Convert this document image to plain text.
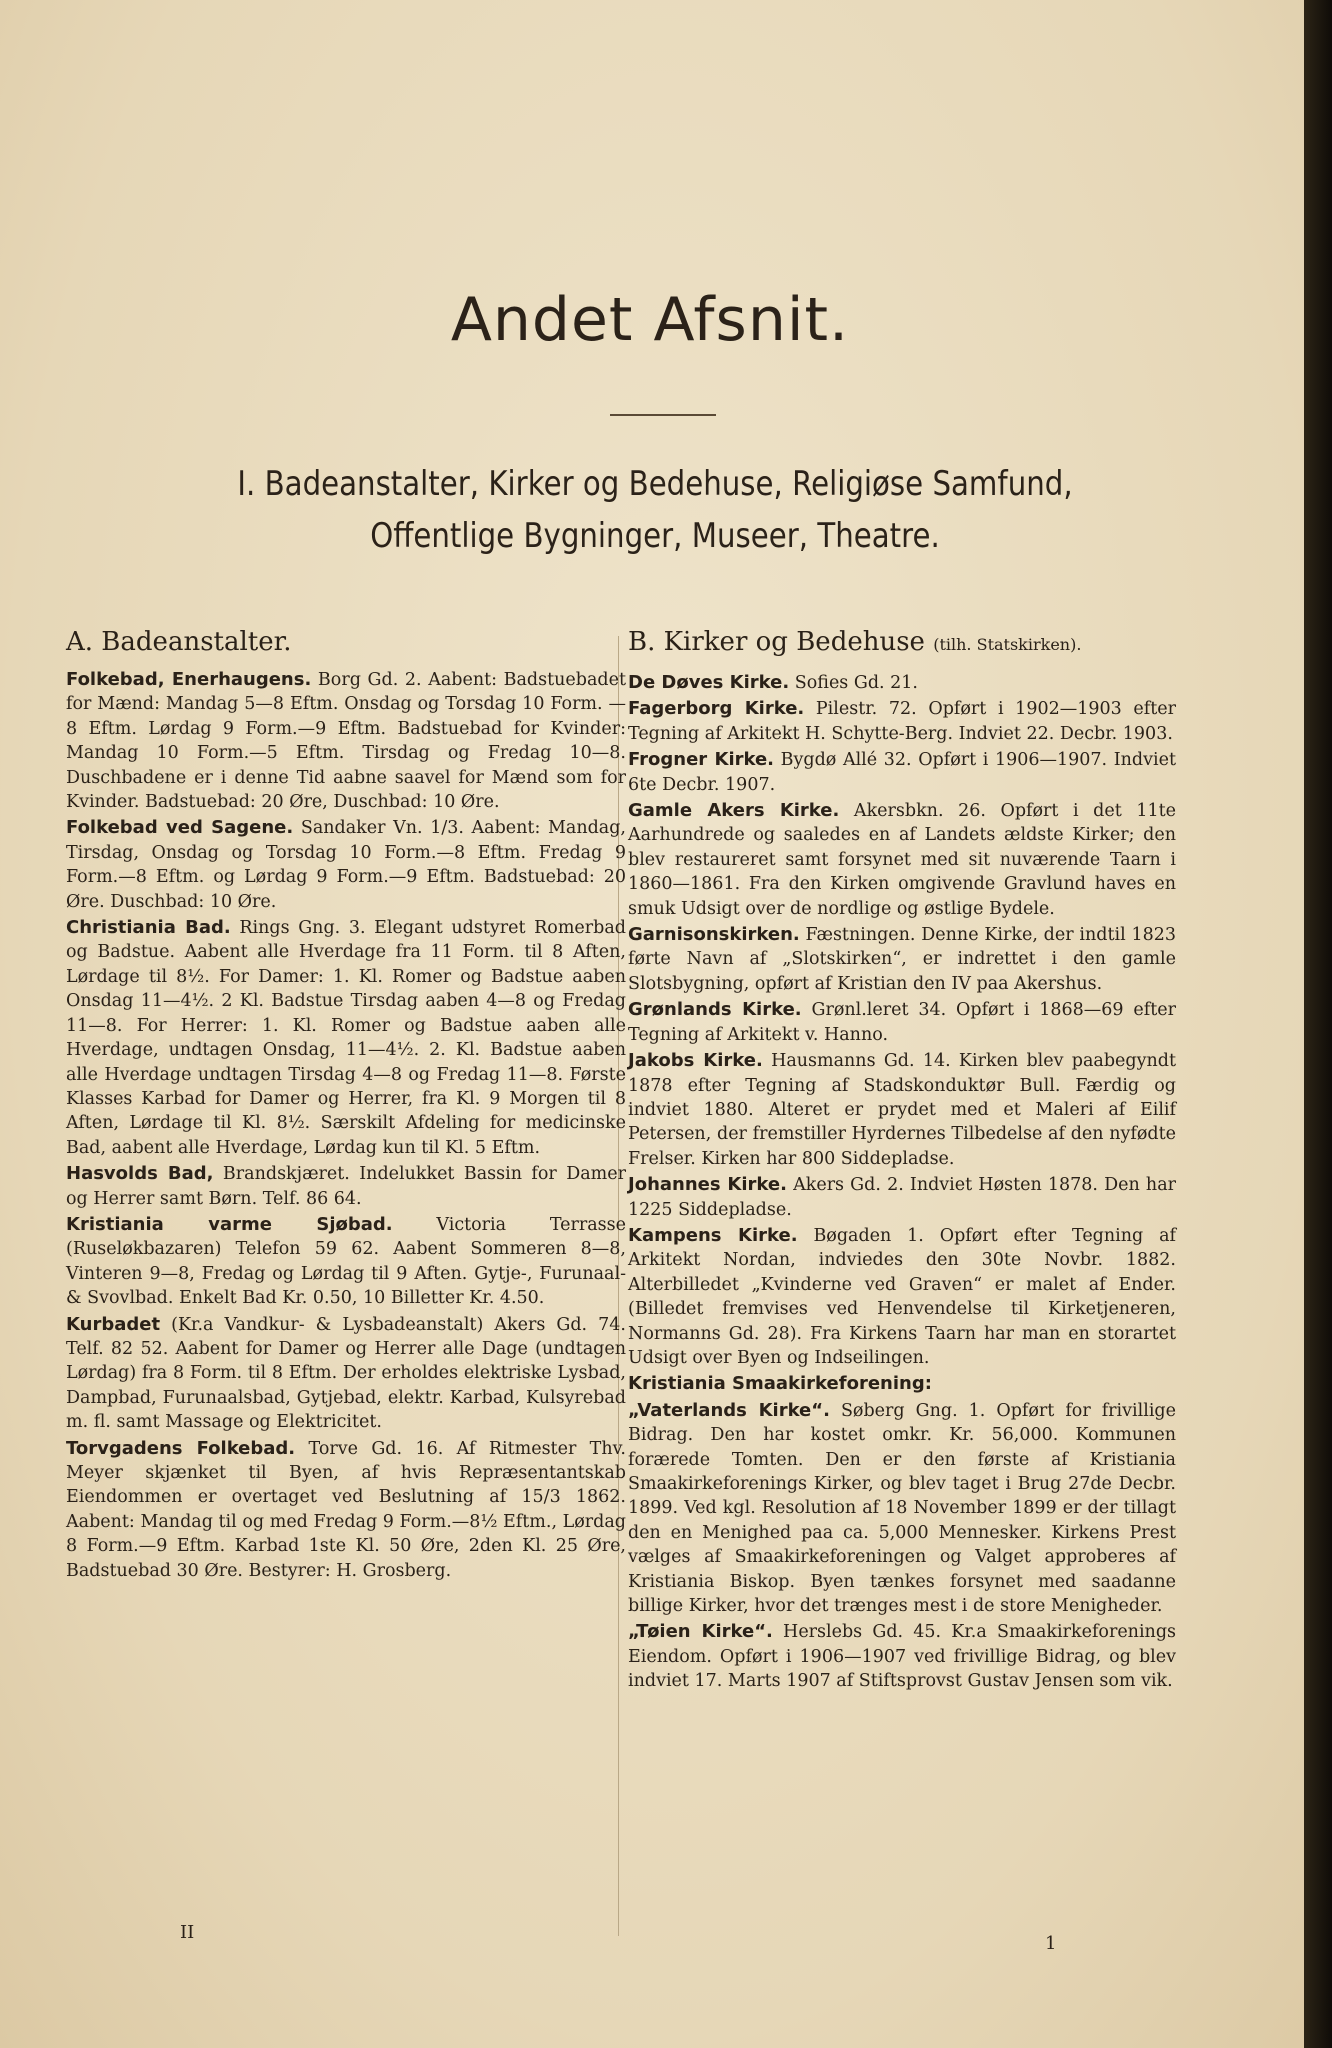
Andet Afsnit.
I. Badeanstalter, Kirker og Bedehuse, Religiøse Samfund,
Offentlige Bygninger, Museer, Theatre.
A. Badeanstalter.

Folkebad, Enerhaugens. Borg Gd. 2. Aabent: Badstuebadet for Mænd: Mandag 5—8 Eftm. Onsdag og Torsdag 10 Form. —8 Eftm. Lørdag 9 Form.—9 Eftm. Badstuebad for Kvinder: Mandag 10 Form.—5 Eftm. Tirsdag og Fredag 10—8. Duschbadene er i denne Tid aabne saavel for Mænd som for Kvinder. Badstuebad: 20 Øre, Duschbad: 10 Øre.

Folkebad ved Sagene. Sandaker Vn. 1/3. Aabent: Mandag, Tirsdag, Onsdag og Torsdag 10 Form.—8 Eftm. Fredag 9 Form.—8 Eftm. og Lørdag 9 Form.—9 Eftm. Badstuebad: 20 Øre. Duschbad: 10 Øre.

Christiania Bad. Rings Gng. 3. Elegant udstyret Romerbad og Badstue. Aabent alle Hverdage fra 11 Form. til 8 Aften, Lørdage til 8½. For Damer: 1. Kl. Romer og Badstue aaben Onsdag 11—4½. 2 Kl. Badstue Tirsdag aaben 4—8 og Fredag 11—8. For Herrer: 1. Kl. Romer og Badstue aaben alle Hverdage, undtagen Onsdag, 11—4½. 2. Kl. Badstue aaben alle Hverdage undtagen Tirsdag 4—8 og Fredag 11—8. Første Klasses Karbad for Damer og Herrer, fra Kl. 9 Morgen til 8 Aften, Lørdage til Kl. 8½. Særskilt Afdeling for medicinske Bad, aabent alle Hverdage, Lørdag kun til Kl. 5 Eftm.

Hasvolds Bad, Brandskjæret. Indelukket Bassin for Damer og Herrer samt Børn. Telf. 86 64.

Kristiania varme Sjøbad. Victoria Terrasse (Ruseløkbazaren) Telefon 59 62. Aabent Sommeren 8—8, Vinteren 9—8, Fredag og Lørdag til 9 Aften. Gytje-, Furunaal- & Svovlbad. Enkelt Bad Kr. 0.50, 10 Billetter Kr. 4.50.

Kurbadet (Kr.a Vandkur- & Lysbadeanstalt) Akers Gd. 74. Telf. 82 52. Aabent for Damer og Herrer alle Dage (undtagen Lørdag) fra 8 Form. til 8 Eftm. Der erholdes elektriske Lysbad, Dampbad, Furunaalsbad, Gytjebad, elektr. Karbad, Kulsyrebad m. fl. samt Massage og Elektricitet.

Torvgadens Folkebad. Torve Gd. 16. Af Ritmester Thv. Meyer skjænket til Byen, af hvis Repræsentantskab Eiendommen er overtaget ved Beslutning af 15/3 1862. Aabent: Mandag til og med Fredag 9 Form.—8½ Eftm., Lørdag 8 Form.—9 Eftm. Karbad 1ste Kl. 50 Øre, 2den Kl. 25 Øre, Badstuebad 30 Øre. Bestyrer: H. Grosberg.

B. Kirker og Bedehuse (tilh. Statskirken).

De Døves Kirke. Sofies Gd. 21.

Fagerborg Kirke. Pilestr. 72. Opført i 1902—1903 efter Tegning af Arkitekt H. Schytte-Berg. Indviet 22. Decbr. 1903.

Frogner Kirke. Bygdø Allé 32. Opført i 1906—1907. Indviet 6te Decbr. 1907.

Gamle Akers Kirke. Akersbkn. 26. Opført i det 11te Aarhundrede og saaledes en af Landets ældste Kirker; den blev restaureret samt forsynet med sit nuværende Taarn i 1860—1861. Fra den Kirken omgivende Gravlund haves en smuk Udsigt over de nordlige og østlige Bydele.

Garnisonskirken. Fæstningen. Denne Kirke, der indtil 1823 førte Navn af „Slotskirken“, er indrettet i den gamle Slotsbygning, opført af Kristian den IV paa Akershus.

Grønlands Kirke. Grønl.leret 34. Opført i 1868—69 efter Tegning af Arkitekt v. Hanno.

Jakobs Kirke. Hausmanns Gd. 14. Kirken blev paabegyndt 1878 efter Tegning af Stadskonduktør Bull. Færdig og indviet 1880. Alteret er prydet med et Maleri af Eilif Petersen, der fremstiller Hyrdernes Tilbedelse af den nyfødte Frelser. Kirken har 800 Siddepladse.

Johannes Kirke. Akers Gd. 2. Indviet Høsten 1878. Den har 1225 Siddepladse.

Kampens Kirke. Bøgaden 1. Opført efter Tegning af Arkitekt Nordan, indviedes den 30te Novbr. 1882. Alterbilledet „Kvinderne ved Graven“ er malet af Ender. (Billedet fremvises ved Henvendelse til Kirketjeneren, Normanns Gd. 28). Fra Kirkens Taarn har man en storartet Udsigt over Byen og Indseilingen.

Kristiania Smaakirkeforening:

„Vaterlands Kirke“. Søberg Gng. 1. Opført for frivillige Bidrag. Den har kostet omkr. Kr. 56,000. Kommunen forærede Tomten. Den er den første af Kristiania Smaakirkeforenings Kirker, og blev taget i Brug 27de Decbr. 1899. Ved kgl. Resolution af 18 November 1899 er der tillagt den en Menighed paa ca. 5,000 Mennesker. Kirkens Prest vælges af Smaakirkeforeningen og Valget approberes af Kristiania Biskop. Byen tænkes forsynet med saadanne billige Kirker, hvor det trænges mest i de store Menigheder.

„Tøien Kirke“. Herslebs Gd. 45. Kr.a Smaakirkeforenings Eiendom. Opført i 1906—1907 ved frivillige Bidrag, og blev indviet 17. Marts 1907 af Stiftsprovst Gustav Jensen som vik.

II
1
